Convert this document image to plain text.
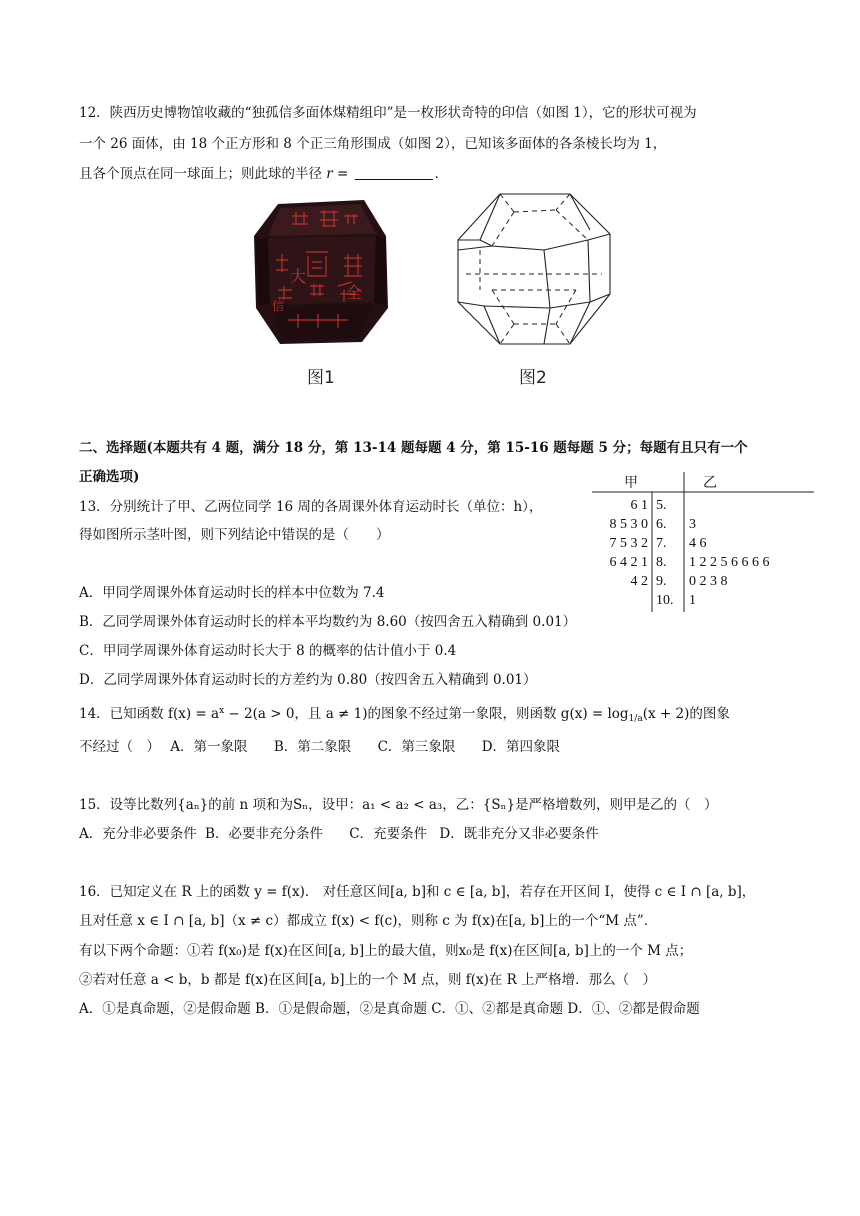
12．陕西历史博物馆收藏的“独孤信多面体煤精组印”是一枚形状奇特的印信（如图 1），它的形状可视为
一个 26 面体，由 18 个正方形和 8 个正三角形围成（如图 2），已知该多面体的各条棱长均为 1，
且各个顶点在同一球面上；则此球的半径 r =	．
大
全
信
图1	图2
二、选择题(本题共有 4 题，满分 18 分，第 13-14 题每题 4 分，第 15-16 题每题 5 分；每题有且只有一个
正确选项)
13．分别统计了甲、乙两位同学 16 周的各周课外体育运动时长（单位：h），
得如图所示茎叶图，则下列结论中错误的是（　　）
甲	乙
6 1 5.
8 5 3 0 6. 3
7 5 3 2 7. 4 6
6 4 2 1 8. 1 2 2 5 6 6 6 6
4 2 9. 0 2 3 8
10. 1
A．甲同学周课外体育运动时长的样本中位数为 7.4
B．乙同学周课外体育运动时长的样本平均数约为 8.60（按四舍五入精确到 0.01）
C．甲同学周课外体育运动时长大于 8 的概率的估计值小于 0.4
D．乙同学周课外体育运动时长的方差约为 0.80（按四舍五入精确到 0.01）
14．已知函数 $f(x) = a^x - 2(a > 0$，且 a ≠ 1)的图象不经过第一象限，则函数 $g(x) = \log_{1/a}(x + 2)$的图象
不经过（　） A．第一象限 B．第二象限 C．第三象限 D．第四象限
15．设等比数列{aₙ}的前 n 项和为Sₙ，设甲：a₁ < a₂ < a₃，乙：{Sₙ}是严格增数列，则甲是乙的（　）
A．充分非必要条件 B．必要非充分条件 C．充要条件 D．既非充分又非必要条件
16．已知定义在 R 上的函数 y = f(x)． 对任意区间[a, b]和 c ∈ [a, b]，若存在开区间 I，使得 c ∈ I ∩ [a, b]，
且对任意 x ∈ I ∩ [a, b]（x ≠ c）都成立 f(x) < f(c)，则称 c 为 f(x)在[a, b]上的一个“M 点”．
有以下两个命题：①若 f(x₀)是 f(x)在区间[a, b]上的最大值，则x₀是 f(x)在区间[a, b]上的一个 M 点；
②若对任意 a < b，b 都是 f(x)在区间[a, b]上的一个 M 点，则 f(x)在 R 上严格增．那么（　）
A．①是真命题，②是假命题 B．①是假命题，②是真命题 C．①、②都是真命题 D．①、②都是假命题
